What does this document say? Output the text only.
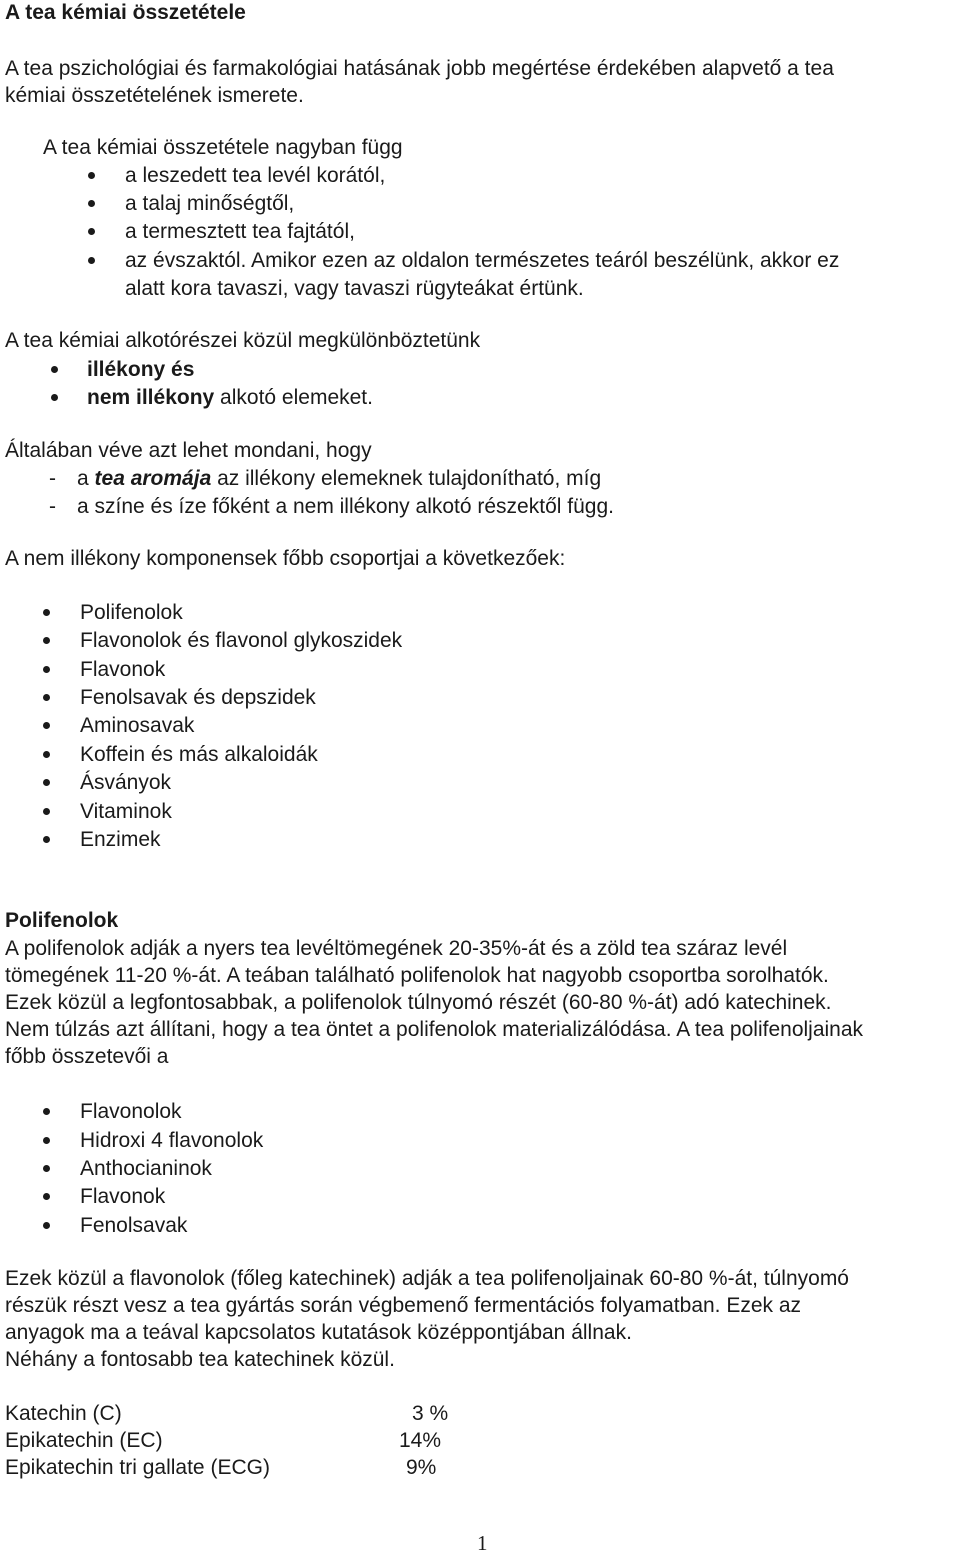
A tea kémiai összetétele
A tea pszichológiai és farmakológiai hatásának jobb megértése érdekében alapvető a tea
kémiai összetételének ismerete.
A tea kémiai összetétele nagyban függ
a leszedett tea levél korától,
a talaj minőségtől,
a termesztett tea fajtától,
az évszaktól. Amikor ezen az oldalon természetes teáról beszélünk, akkor ez
alatt kora tavaszi, vagy tavaszi rügyteákat értünk.
A tea kémiai alkotórészei közül megkülönböztetünk
illékony és
nem illékony alkotó elemeket.
Általában véve azt lehet mondani, hogy
- a tea aromája az illékony elemeknek tulajdonítható, míg
- a színe és íze főként a nem illékony alkotó részektől függ.
A nem illékony komponensek főbb csoportjai a következőek:
Polifenolok
Flavonolok és flavonol glykoszidek
Flavonok
Fenolsavak és depszidek
Aminosavak
Koffein és más alkaloidák
Ásványok
Vitaminok
Enzimek
Polifenolok
A polifenolok adják a nyers tea levéltömegének 20-35%-át és a zöld tea száraz levél
tömegének 11-20 %-át. A teában található polifenolok hat nagyobb csoportba sorolhatók.
Ezek közül a legfontosabbak, a polifenolok túlnyomó részét (60-80 %-át) adó katechinek.
Nem túlzás azt állítani, hogy a tea öntet a polifenolok materializálódása. A tea polifenoljainak
főbb összetevői a
Flavonolok
Hidroxi 4 flavonolok
Anthocianinok
Flavonok
Fenolsavak
Ezek közül a flavonolok (főleg katechinek) adják a tea polifenoljainak 60-80 %-át, túlnyomó
részük részt vesz a tea gyártás során végbemenő fermentációs folyamatban. Ezek az
anyagok ma a teával kapcsolatos kutatások középpontjában állnak.
Néhány a fontosabb tea katechinek közül.
Katechin (C)	3 %
Epikatechin (EC)	14%
Epikatechin tri gallate (ECG)	9%
1
